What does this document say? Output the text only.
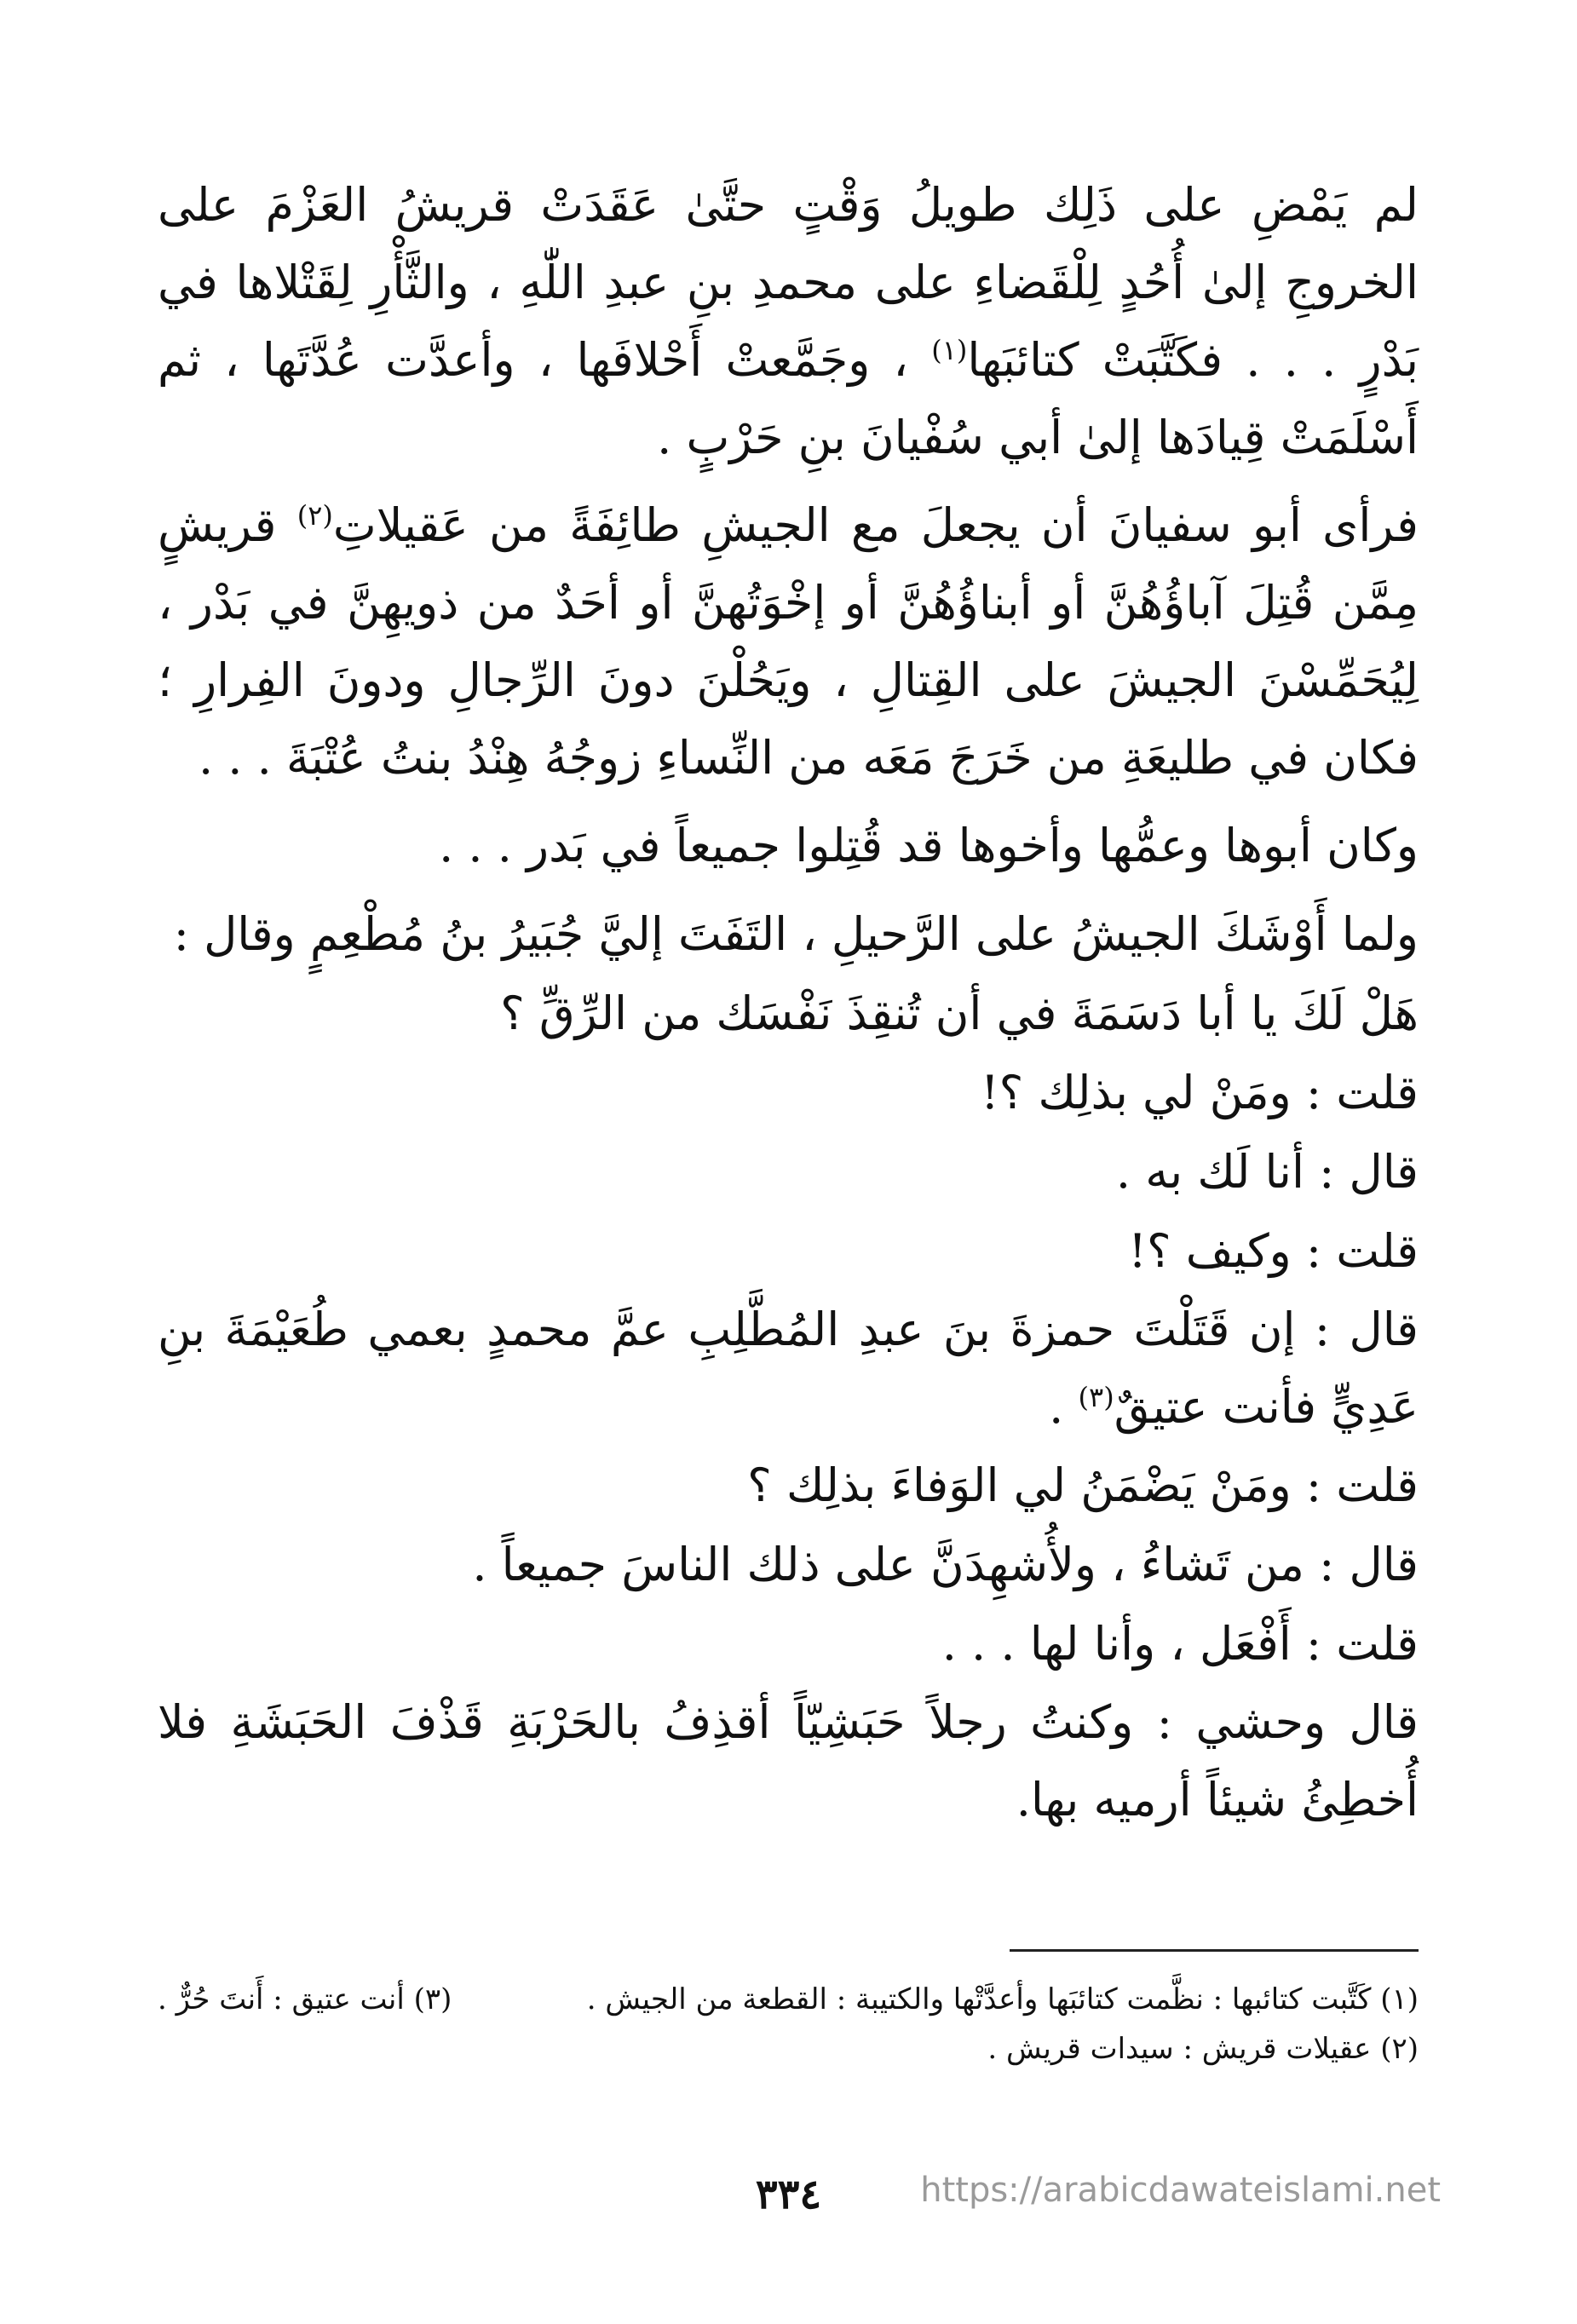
لم يَمْضِ على ذَلِك طويلُ وَقْتٍ حتَّىٰ عَقَدَتْ قريشُ العَزْمَ على الخروجِ إلىٰ أُحُدٍ لِلْقَضاءِ على محمدِ بنِ عبدِ اللّٰهِ ، والثَّأْرِ لِقَتْلاها في بَدْرٍ . . . فكَتَّبَتْ كتائبَها$^{(١)}$ ، وجَمَّعتْ أَحْلافَها ، وأعدَّت عُدَّتَها ، ثم أَسْلَمَتْ قِيادَها إلىٰ أبي سُفْيانَ بنِ حَرْبٍ .

فرأى أبو سفيانَ أن يجعلَ مع الجيشِ طائِفَةً من عَقيلاتِ$^{(٢)}$ قريشٍ مِمَّن قُتِلَ آباؤُهُنَّ أو أبناؤُهُنَّ أو إخْوَتُهنَّ أو أحَدٌ من ذويهِنَّ في بَدْر ، لِيُحَمِّسْنَ الجيشَ على القِتالِ ، ويَحُلْنَ دونَ الرِّجالِ ودونَ الفِرارِ ؛ فكان في طليعَةِ من خَرَجَ مَعَه من النِّساءِ زوجُهُ هِنْدُ بنتُ عُتْبَةَ . . .

وكان أبوها وعمُّها وأخوها قد قُتِلوا جميعاً في بَدر . . .

ولما أَوْشَكَ الجيشُ على الرَّحيلِ ، التَفَتَ إليَّ جُبَيرُ بنُ مُطْعِمٍ وقال :

هَلْ لَكَ يا أبا دَسَمَةَ في أن تُنقِذَ نَفْسَك من الرِّقِّ ؟

قلت : ومَنْ لي بذلِك ؟!

قال : أنا لَك به .

قلت : وكيف ؟!

قال : إن قَتَلْتَ حمزةَ بنَ عبدِ المُطَّلِبِ عمَّ محمدٍ بعمي طُعَيْمَةَ بنِ عَدِيٍّ فأنت عتيقٌ$^{(٣)}$ .

قلت : ومَنْ يَضْمَنُ لي الوَفاءَ بذلِك ؟

قال : من تَشاءُ ، ولأُشهِدَنَّ على ذلك الناسَ جميعاً .

قلت : أَفْعَل ، وأنا لها . . .

قال وحشي : وكنتُ رجلاً حَبَشِيّاً أقذِفُ بالحَرْبَةِ قَذْفَ الحَبَشَةِ فلا أُخطِئُ شيئاً أرميه بها.

(١) كَتَّبت كتائبها : نظَّمت كتائبَها وأعدَّتْها والكتيبة : القطعة من الجيش .
(٣) أنت عتيق : أَنتَ حُرٌّ .
(٢) عقيلات قريش : سيدات قريش .
٣٣٤	https://arabicdawateislami.net
